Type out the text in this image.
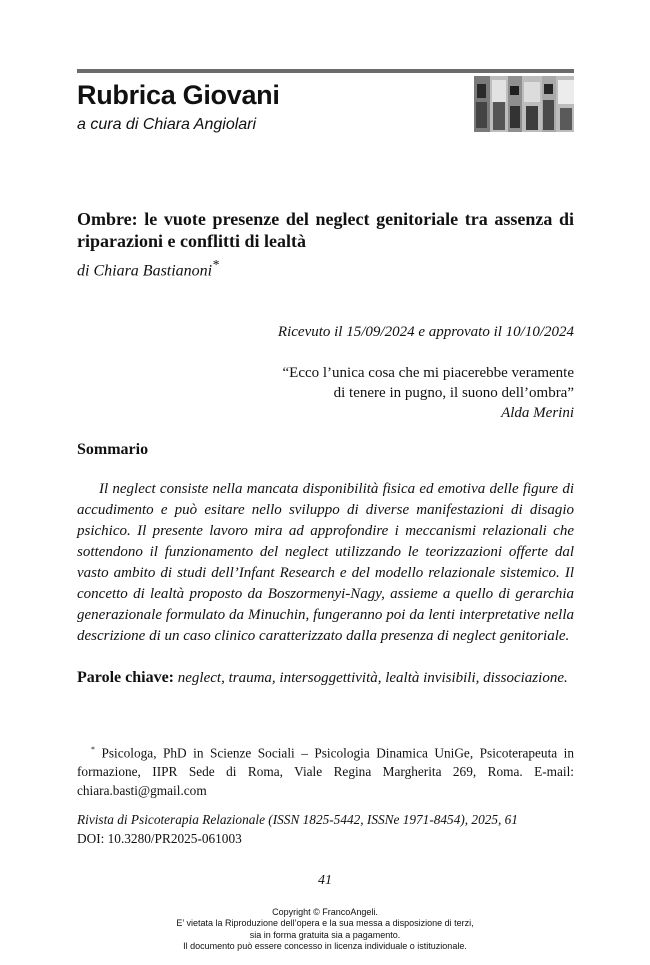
Rubrica Giovani
a cura di Chiara Angiolari
Ombre: le vuote presenze del neglect genitoriale tra assenza di riparazioni e conflitti di lealtà
di Chiara Bastianoni*
Ricevuto il 15/09/2024 e approvato il 10/10/2024
“Ecco l’unica cosa che mi piacerebbe veramente
di tenere in pugno, il suono dell’ombra”
Alda Merini
Sommario
Il neglect consiste nella mancata disponibilità fisica ed emotiva delle figure di accudimento e può esitare nello sviluppo di diverse manifestazioni di disagio psichico. Il presente lavoro mira ad approfondire i meccanismi relazionali che sottendono il funzionamento del neglect utilizzando le teorizzazioni offerte dal vasto ambito di studi dell’Infant Research e del modello relazionale sistemico. Il concetto di lealtà proposto da Boszormenyi-Nagy, assieme a quello di gerarchia generazionale formulato da Minuchin, fungeranno poi da lenti interpretative nella descrizione di un caso clinico caratterizzato dalla presenza di neglect genitoriale.
Parole chiave: neglect, trauma, intersoggettività, lealtà invisibili, dissociazione.
* Psicologa, PhD in Scienze Sociali – Psicologia Dinamica UniGe, Psicoterapeuta in formazione, IIPR Sede di Roma, Viale Regina Margherita 269, Roma. E-mail: chiara.basti@gmail.com
Rivista di Psicoterapia Relazionale (ISSN 1825-5442, ISSNe 1971-8454), 2025, 61
DOI: 10.3280/PR2025-061003
41
Copyright © FrancoAngeli.
E’ vietata la Riproduzione dell’opera e la sua messa a disposizione di terzi,
sia in forma gratuita sia a pagamento.
Il documento può essere concesso in licenza individuale o istituzionale.
